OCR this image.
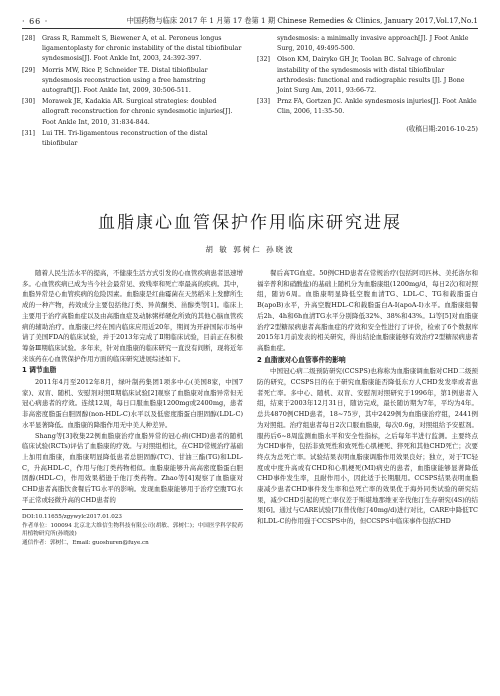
· 66 ·	中国药物与临床 2017 年 1 月第 17 卷第 1 期 Chinese Remedies & Clinics, January 2017,Vol.17,No.1
[28]	Grass R, Rammelt S, Biewener A, et al. Peroneus longus ligamentoplasty for chronic instability of the distal tibiofibular syndesmosis[J]. Foot Ankle Int, 2003, 24:392-397.
[29]	Morris MW, Rice P, Schneider TE. Distal tibiofibular syndesmosis reconstruction using a free hamstring autograft[J]. Foot Ankle Int, 2009, 30:506-511.
[30]	Morawek JE, Kadakia AR. Surgical strategies: doubled allograft reconstruction for chronic syndesmotic injuries[J]. Foot Ankle Int, 2010, 31:834-844.
[31]	Lui TH. Tri-ligamentous reconstruction of the distal tibiofibular
syndesmosis: a minimally invasive approach[J]. J Foot Ankle Surg, 2010, 49:495-500.
[32]	Olson KM, Dairyko GH Jr, Toolan BC. Salvage of chronic instability of the syndesmosis with distal tibiofibular arthrodesis: functional and radiographic results [J]. J Bone Joint Surg Am, 2011, 93:66-72.
[33]	Prnz FA, Gortzen JC. Ankle syndesmosis injuries[J]. Foot Ankle Clin, 2006, 11:35-50.
(收稿日期:2016-10-25)
血脂康心血管保护作用临床研究进展
胡 敏 郭树仁 孙晓波

随着人民生活水平的提高，不健康生活方式引发的心血管疾病患者迅速增多。心血管疾病已成为当今社会最常见、致残率和死亡率最高的疾病。其中，血脂异常是心血管疾病的危险因素。血脂康是红曲霉菌在天然稻米上发酵所生成的一种产物，药效成分主要包括他汀类、异黄酮类、甾醇类等[1]。临床上主要用于治疗高脂血症以及由高脂血症及动脉粥样硬化所致的其他心脑血管疾病的辅助治疗。血脂康已经在国内临床应用近20年，期间为开辟国际市场申请了美国FDA的临床试验，并于2013年完成了Ⅱ期临床试验，目前正在积极筹备Ⅲ期临床试验。多年来，针对血脂康的临床研究一直没有间断，现将近年来该药在心血管保护作用方面的临床研究进展综述如下。

1 调节血脂

2011年4月至2012年8月，绿叶制药集团1项多中心(美国8家，中国7家)、双盲、随机、安慰剂对照Ⅱ期临床试验[2]观察了血脂康对血脂异常但无冠心病患者的疗效。连续12周，每日口服血脂康1200mg或2400mg，患者非高密度脂蛋白胆固醇(non-HDL-C)水平以及低密度脂蛋白胆固醇(LDL-C)水平显著降低。血脂康的降脂作用无中美人种差异。

Shang等[3]收集22例血脂康治疗血脂异常的冠心病(CHD)患者的随机临床试验(RCTs)评估了血脂康的疗效。与对照组相比，在CHD常规治疗基础上加用血脂康，血脂康明显降低患者总胆固醇(TC)、甘油三酯(TG)和LDL-C，升高HDL-C，作用与他汀类药物相似。血脂康能够升高高密度脂蛋白胆固醇(HDL-C)，作用效果稍逊于他汀类药物。Zhao等[4]观察了血脂康对CHD患者高脂饮食餐后TG水平的影响。发现血脂康能够用于治疗空腹TG水平正常或轻微升高的CHD患者的

DOI:10.11655/zgywylc2017.01.023

作者单位：100094 北京北大维信生物科技有限公司(胡敏、郭树仁)；中国医学科学院药用植物研究所(孙晓波)

通信作者：郭树仁，Email: guoshuren@fuye.cn

餐后高TG血症。50例CHD患者在常规治疗(包括阿司匹林、美托洛尔和福辛普利和硝酸盐)的基础上随机分为血脂康组(1200mg/d，每日2次)和对照组，随访6周。血脂康明显降低空腹血清TG、LDL-C、TG和载脂蛋白B(apoB)水平，升高空腹HDL-C和载脂蛋白A-I(apoA-I)水平。血脂康组餐后2h、4h和6h血清TG水平分别降低32%、38%和43%。Li等[5]对血脂康治疗2型糖尿病患者高脂血症的疗效和安全性进行了评价，检索了6个数据库2015年1月前发表的相关研究，得出结论血脂康能够有效治疗2型糖尿病患者高脂血症。

2 血脂康对心血管事件的影响

中国冠心病二级预防研究(CCSPS)也称称为血脂康调血脂对CHD二级预防的研究，CCSPS目的在于研究血脂康能否降低东方人CHD发发率或者患者死亡率。多中心、随机、双盲、安慰剂对照研究于1996年，第1例患者入组，结束于2003年12月31日，随访完成，最长随访期为7年，平均为4年。总共4870例CHD患者，18~75岁，其中2429例为血脂康治疗组，2441例为对照组。治疗组患者每日2次口服血脂康，每次0.6g，对照组给予安慰剂。服药后6~8周监测血脂水平和安全性指标，之后每年半进行监测。主要终点为CHD事件，包括非致死性和致死性心肌梗死、猝死和其他CHD死亡；次要终点为总死亡率。试验结果表明血脂康调脂作用效果良好；独立，对于TC轻度或中度升高或有CHD和心肌梗死(MI)病史的患者，血脂康能够显著降低CHD事件发生率，且耐作用小，因此适于长期服用。CCSPS结果表明血脂康减少患者CHD事件发生率和总死亡率的效果优于海外同类试验的研究结果，减少CHD引起的死亡率仅差于斯堪地那维亚辛伐他汀生存研究(4S)的结果[6]。通过与CARE试验[7](普伐他汀40mg/d)进行对比，CARE中降低TC和LDL-C的作用强于CCSPS中的，但CCSPS中临床事件包括CHD
